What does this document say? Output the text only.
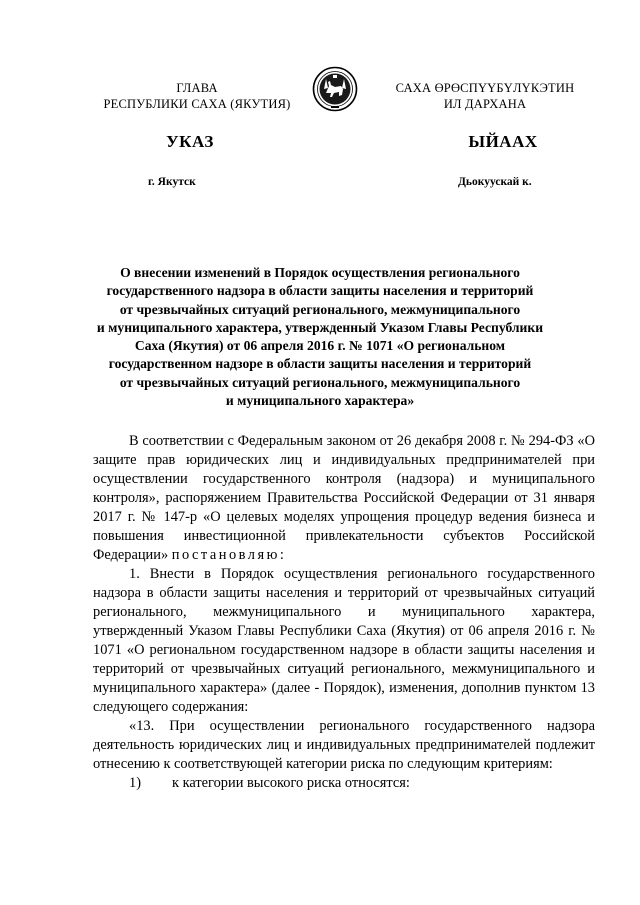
ГЛАВА
РЕСПУБЛИКИ САХА (ЯКУТИЯ)
САХА ӨРӨСПҮҮБҮЛҮКЭТИН
ИЛ ДАРХАНА
УКАЗ	ЫЙААХ
г. Якутск	Дьокуускай к.
О внесении изменений в Порядок осуществления регионального
государственного надзора в области защиты населения и территорий
от чрезвычайных ситуаций регионального, межмуниципального
и муниципального характера, утвержденный Указом Главы Республики
Саха (Якутия) от 06 апреля 2016 г. № 1071 «О региональном
государственном надзоре в области защиты населения и территорий
от чрезвычайных ситуаций регионального, межмуниципального
и муниципального характера»

В соответствии с Федеральным законом от 26 декабря 2008 г. № 294-ФЗ «О защите прав юридических лиц и индивидуальных предпринимателей при осуществлении государственного контроля (надзора) и муниципального контроля», распоряжением Правительства Российской Федерации от 31 января 2017 г. № 147-р «О целевых моделях упрощения процедур ведения бизнеса и повышения инвестиционной привлекательности субъектов Российской Федерации» постановляю:

1. Внести в Порядок осуществления регионального государственного надзора в области защиты населения и территорий от чрезвычайных ситуаций регионального, межмуниципального и муниципального характера, утвержденный Указом Главы Республики Саха (Якутия) от 06 апреля 2016 г. № 1071 «О региональном государственном надзоре в области защиты населения и территорий от чрезвычайных ситуаций регионального, межмуниципального и муниципального характера» (далее - Порядок), изменения, дополнив пунктом 13 следующего содержания:

«13. При осуществлении регионального государственного надзора деятельность юридических лиц и индивидуальных предпринимателей подлежит отнесению к соответствующей категории риска по следующим критериям:

1)	к категории высокого риска относятся:
